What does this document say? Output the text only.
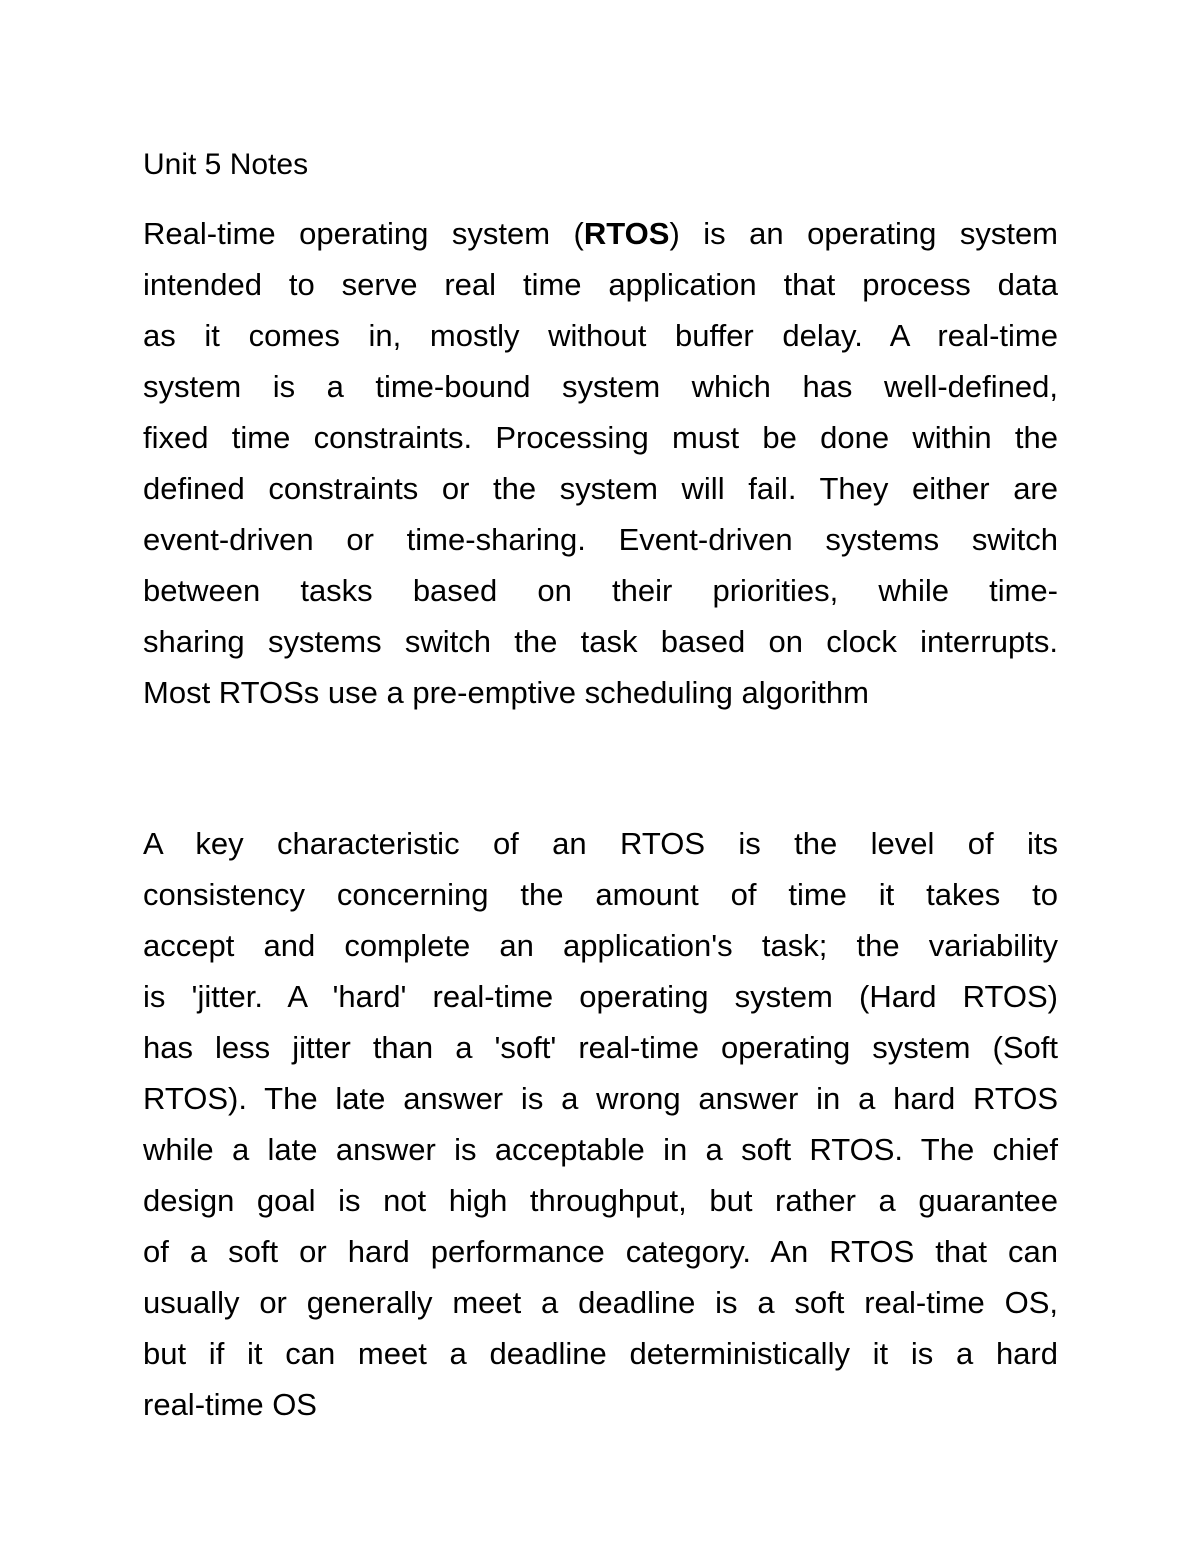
Unit 5 Notes
Real-time operating system (RTOS) is an operating system
intended to serve real time application that process data
as it comes in, mostly without buffer delay. A real-time
system is a time-bound system which has well-defined,
fixed time constraints. Processing must be done within the
defined constraints or the system will fail. They either are
event-driven or time-sharing. Event-driven systems switch
between tasks based on their priorities, while time-
sharing systems switch the task based on clock interrupts.
Most RTOSs use a pre-emptive scheduling algorithm
A key characteristic of an RTOS is the level of its
consistency concerning the amount of time it takes to
accept and complete an application's task; the variability
is 'jitter. A 'hard' real-time operating system (Hard RTOS)
has less jitter than a 'soft' real-time operating system (Soft
RTOS). The late answer is a wrong answer in a hard RTOS
while a late answer is acceptable in a soft RTOS. The chief
design goal is not high throughput, but rather a guarantee
of a soft or hard performance category. An RTOS that can
usually or generally meet a deadline is a soft real-time OS,
but if it can meet a deadline deterministically it is a hard
real-time OS
